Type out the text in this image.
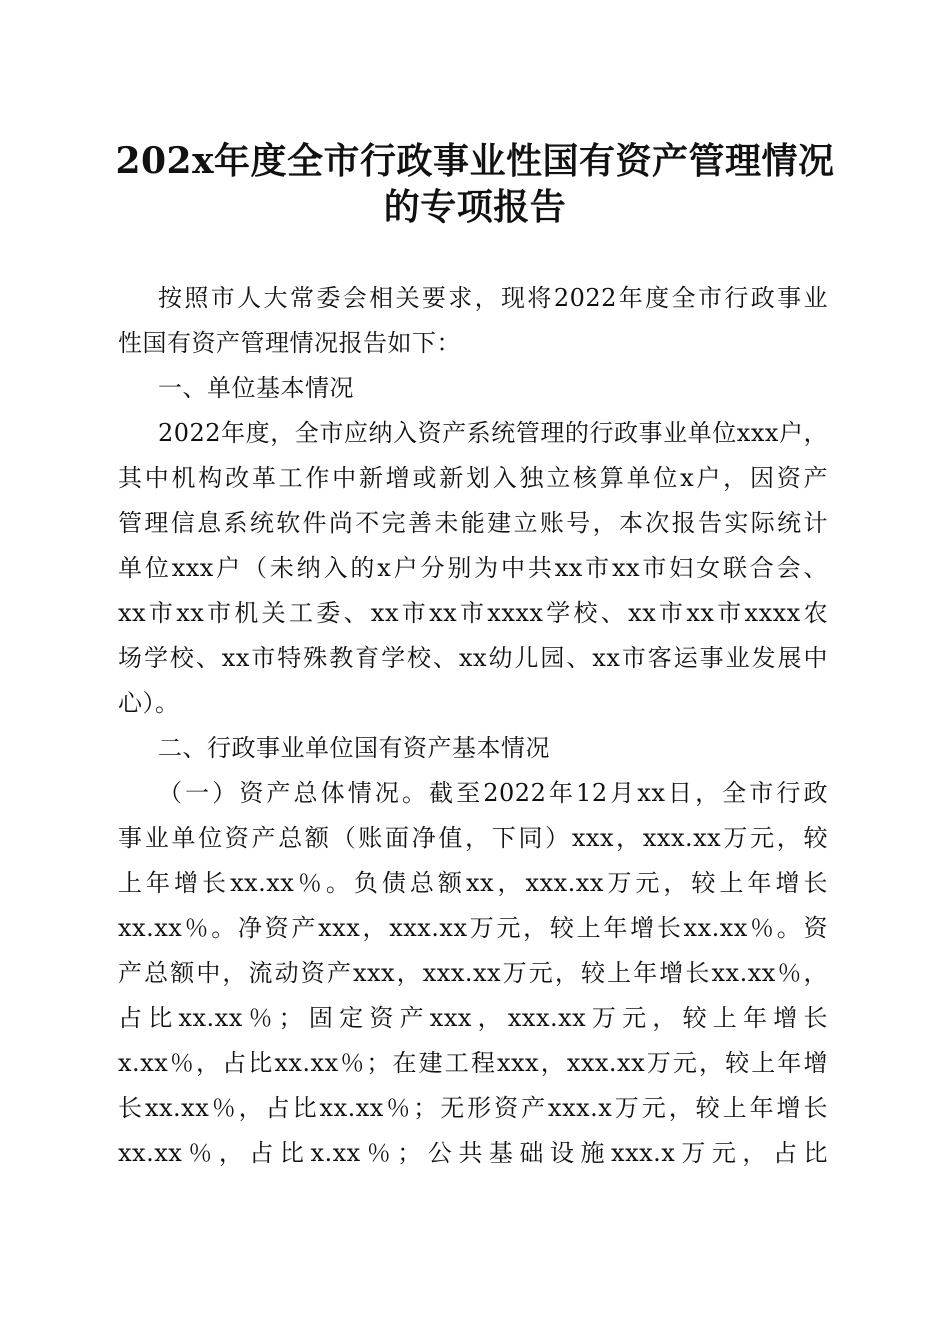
202x年度全市行政事业性国有资产管理情况
的专项报告

按照市人大常委会相关要求，现将2022年度全市行政事业

性国有资产管理情况报告如下：

一、单位基本情况

2022年度，全市应纳入资产系统管理的行政事业单位xxx户，

其中机构改革工作中新增或新划入独立核算单位x户，因资产

管理信息系统软件尚不完善未能建立账号，本次报告实际统计

单位xxx户（未纳入的x户分别为中共xx市xx市妇女联合会、

xx市xx市机关工委、xx市xx市xxxx学校、xx市xx市xxxx农

场学校、xx市特殊教育学校、xx幼儿园、xx市客运事业发展中

心）。

二、行政事业单位国有资产基本情况

（一）资产总体情况。截至2022年12月xx日，全市行政

事业单位资产总额（账面净值，下同）xxx，xxx.xx万元，较

上年增长xx.xx％。负债总额xx，xxx.xx万元，较上年增长

xx.xx％。净资产xxx，xxx.xx万元，较上年增长xx.xx％。资

产总额中，流动资产xxx，xxx.xx万元，较上年增长xx.xx％，

占比xx.xx％；固定资产xxx，xxx.xx万元，较上年增长

x.xx％，占比xx.xx％；在建工程xxx，xxx.xx万元，较上年增

长xx.xx％，占比xx.xx％；无形资产xxx.x万元，较上年增长

xx.xx％，占比x.xx％；公共基础设施xxx.x万元，占比
